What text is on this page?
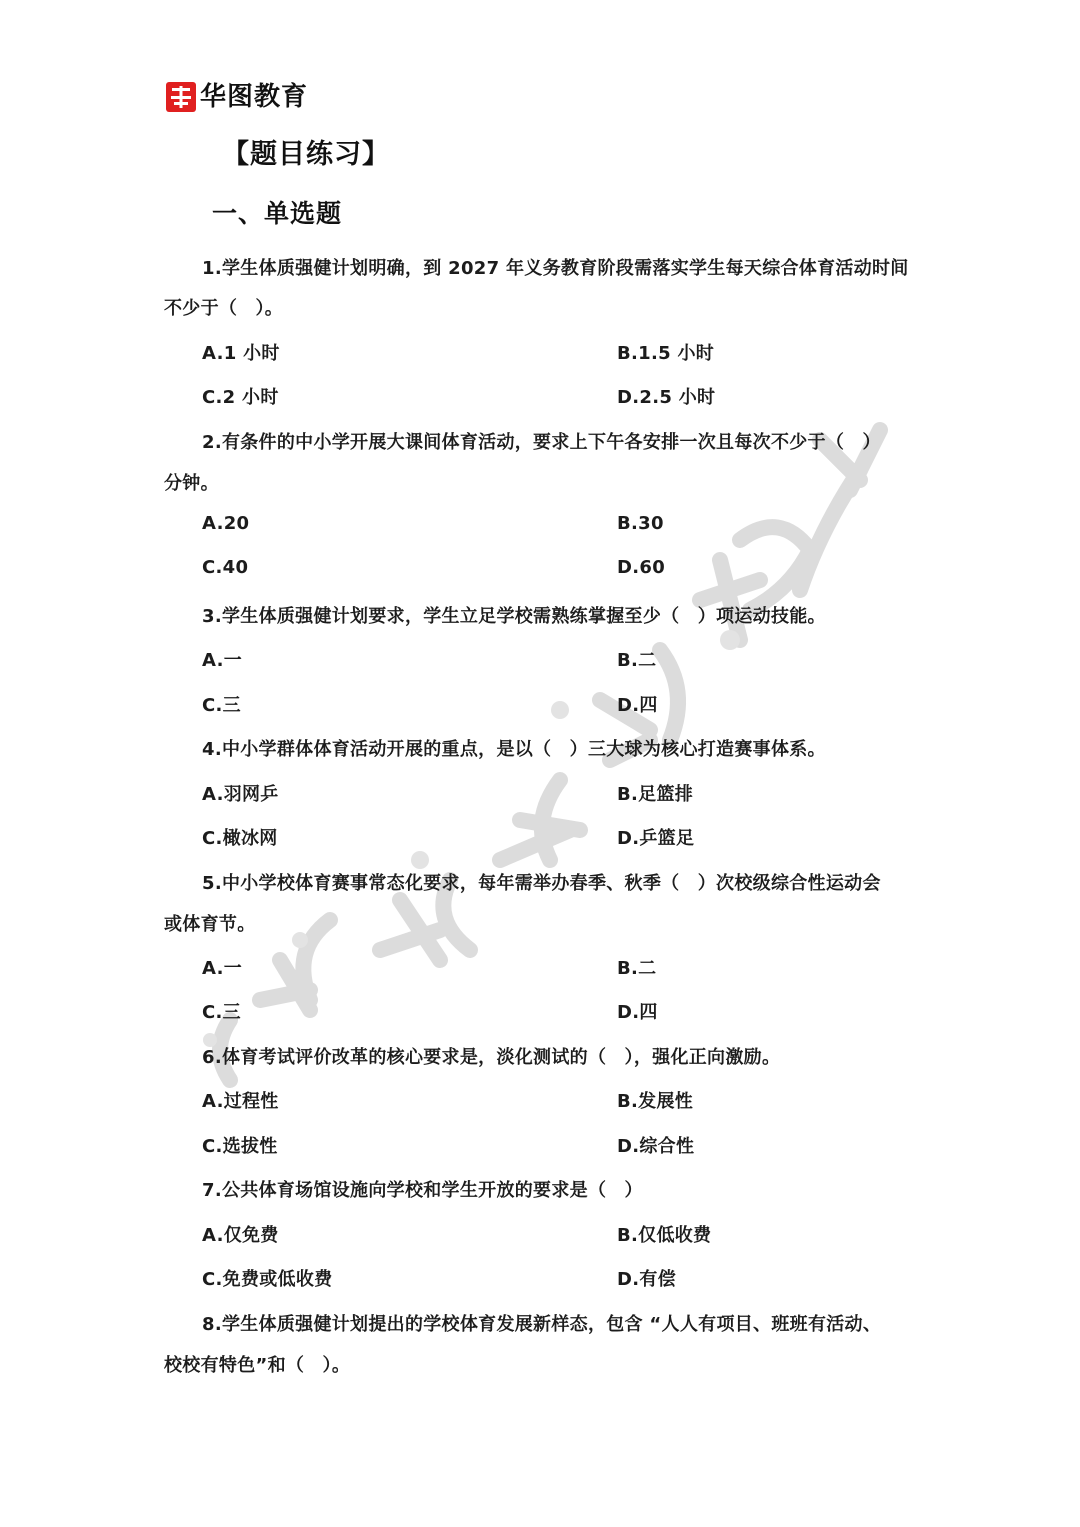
华图教育
【题目练习】
一、单选题
1.学生体质强健计划明确，到 2027 年义务教育阶段需落实学生每天综合体育活动时间
不少于（　）。
A.1 小时	B.1.5 小时
C.2 小时	D.2.5 小时
2.有条件的中小学开展大课间体育活动，要求上下午各安排一次且每次不少于（　）
分钟。
A.20	B.30
C.40	D.60
3.学生体质强健计划要求，学生立足学校需熟练掌握至少（　）项运动技能。
A.一	B.二
C.三	D.四
4.中小学群体体育活动开展的重点，是以（　）三大球为核心打造赛事体系。
A.羽网乒	B.足篮排
C.橄冰网	D.乒篮足
5.中小学校体育赛事常态化要求，每年需举办春季、秋季（　）次校级综合性运动会
或体育节。
A.一	B.二
C.三	D.四
6.体育考试评价改革的核心要求是，淡化测试的（　），强化正向激励。
A.过程性	B.发展性
C.选拔性	D.综合性
7.公共体育场馆设施向学校和学生开放的要求是（　）
A.仅免费	B.仅低收费
C.免费或低收费	D.有偿
8.学生体质强健计划提出的学校体育发展新样态，包含 “人人有项目、班班有活动、
校校有特色”和（　）。
